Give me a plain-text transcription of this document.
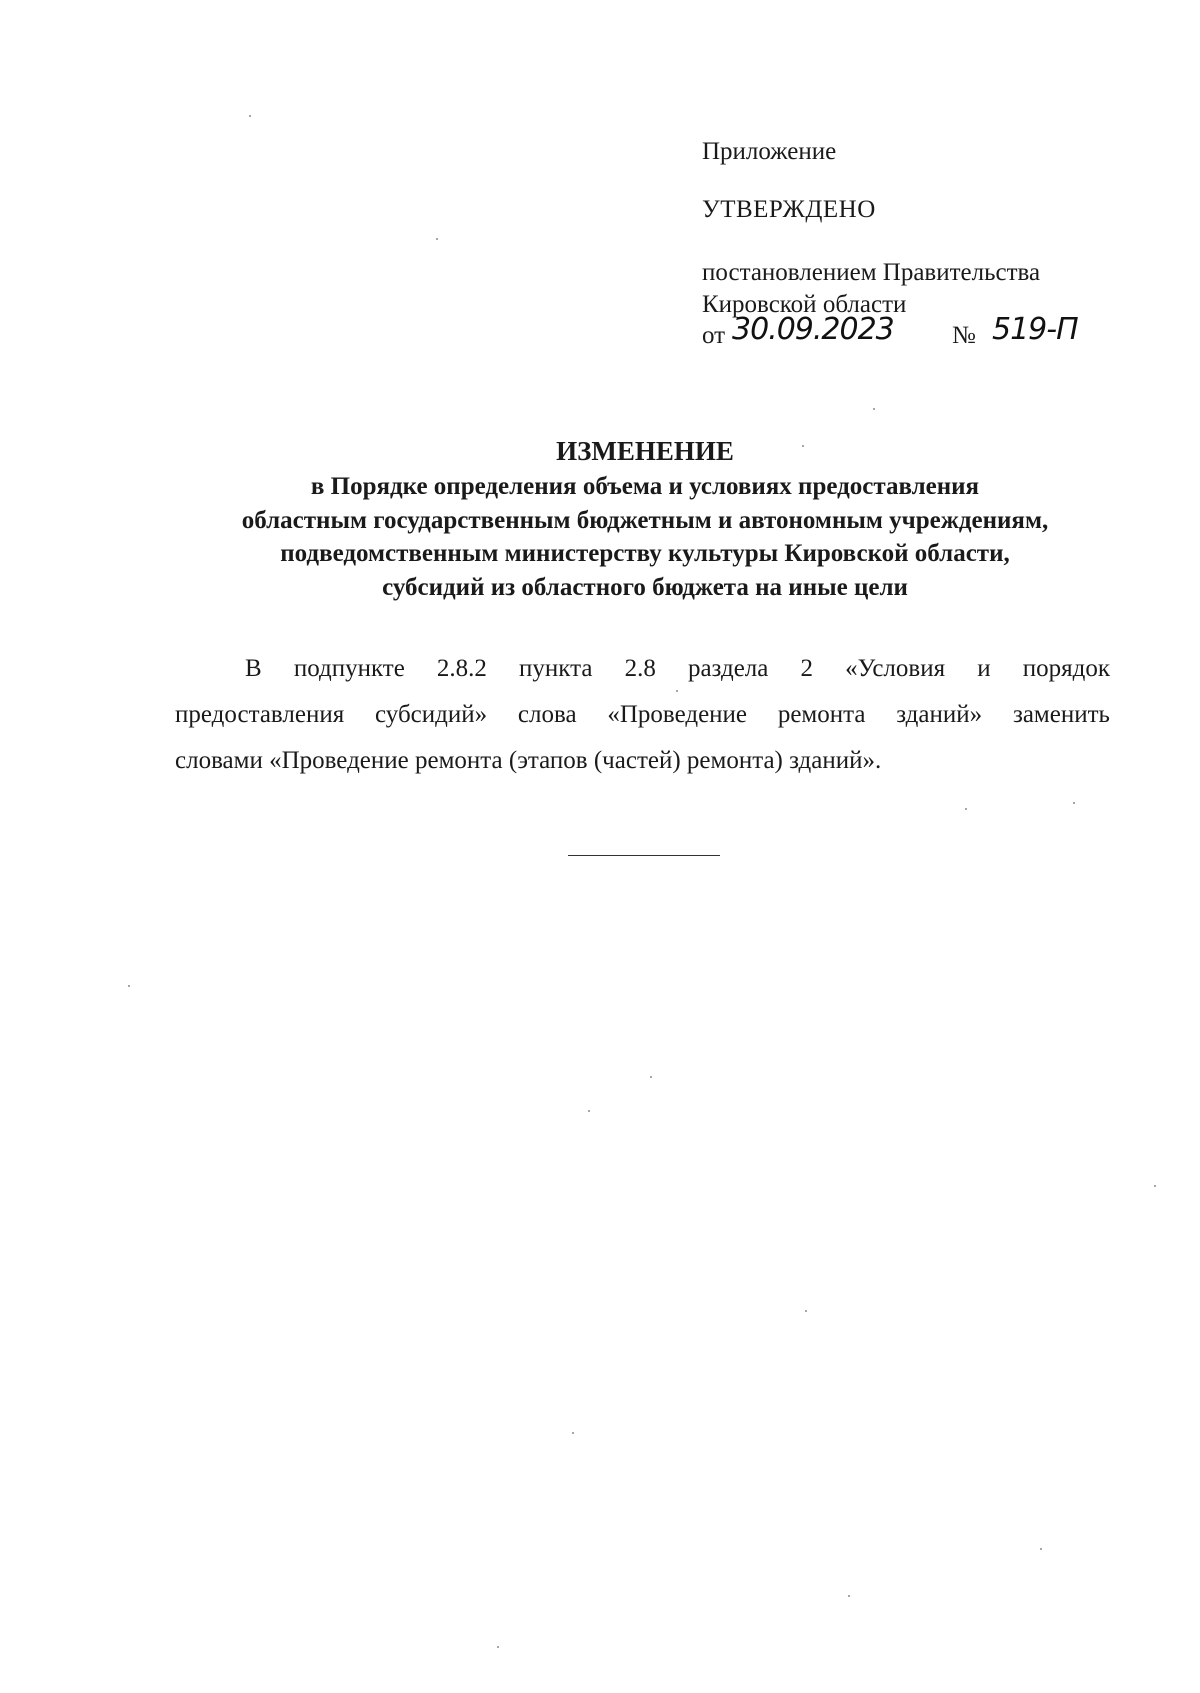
Приложение
УТВЕРЖДЕНО
постановлением Правительства
Кировской области
от 30.09.2023 № 519-П
ИЗМЕНЕНИЕ
в Порядке определения объема и условиях предоставления
областным государственным бюджетным и автономным учреждениям,
подведомственным министерству культуры Кировской области,
субсидий из областного бюджета на иные цели
В подпункте 2.8.2 пункта 2.8 раздела 2 «Условия и порядок
предоставления субсидий» слова «Проведение ремонта зданий» заменить
словами «Проведение ремонта (этапов (частей) ремонта) зданий».
